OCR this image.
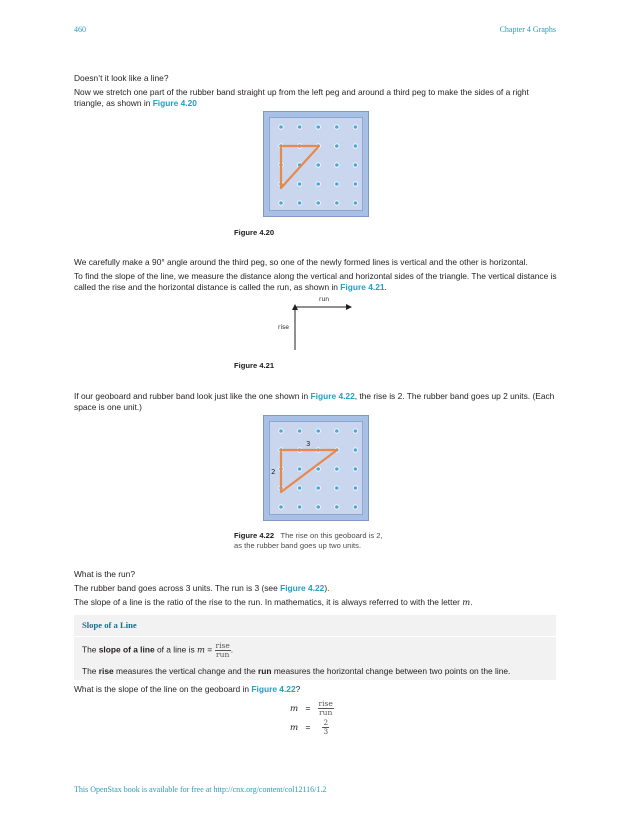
460	Chapter 4 Graphs
Doesn’t it look like a line?
Now we stretch one part of the rubber band straight up from the left peg and around a third peg to make the sides of a right triangle, as shown in Figure 4.20
Figure 4.20
We carefully make a 90° angle around the third peg, so one of the newly formed lines is vertical and the other is horizontal.
To find the slope of the line, we measure the distance along the vertical and horizontal sides of the triangle. The vertical distance is called the rise and the horizontal distance is called the run, as shown in Figure 4.21.
run
rise
Figure 4.21
If our geoboard and rubber band look just like the one shown in Figure 4.22, the rise is 2. The rubber band goes up 2 units. (Each space is one unit.)
3
2
Figure 4.22 The rise on this geoboard is 2,
as the rubber band goes up two units.
What is the run?
The rubber band goes across 3 units. The run is 3 (see Figure 4.22).
The slope of a line is the ratio of the rise to the run. In mathematics, it is always referred to with the letter m.
Slope of a Line
The slope of a line of a line is $m = \frac{\text{rise}}{\text{run}}$ .
The rise measures the vertical change and the run measures the horizontal change between two points on the line.
What is the slope of the line on the geoboard in Figure 4.22?
$m = \frac{\text{rise}}{\text{run}}$
$m = \frac{2}{3}$
This OpenStax book is available for free at http://cnx.org/content/col12116/1.2
